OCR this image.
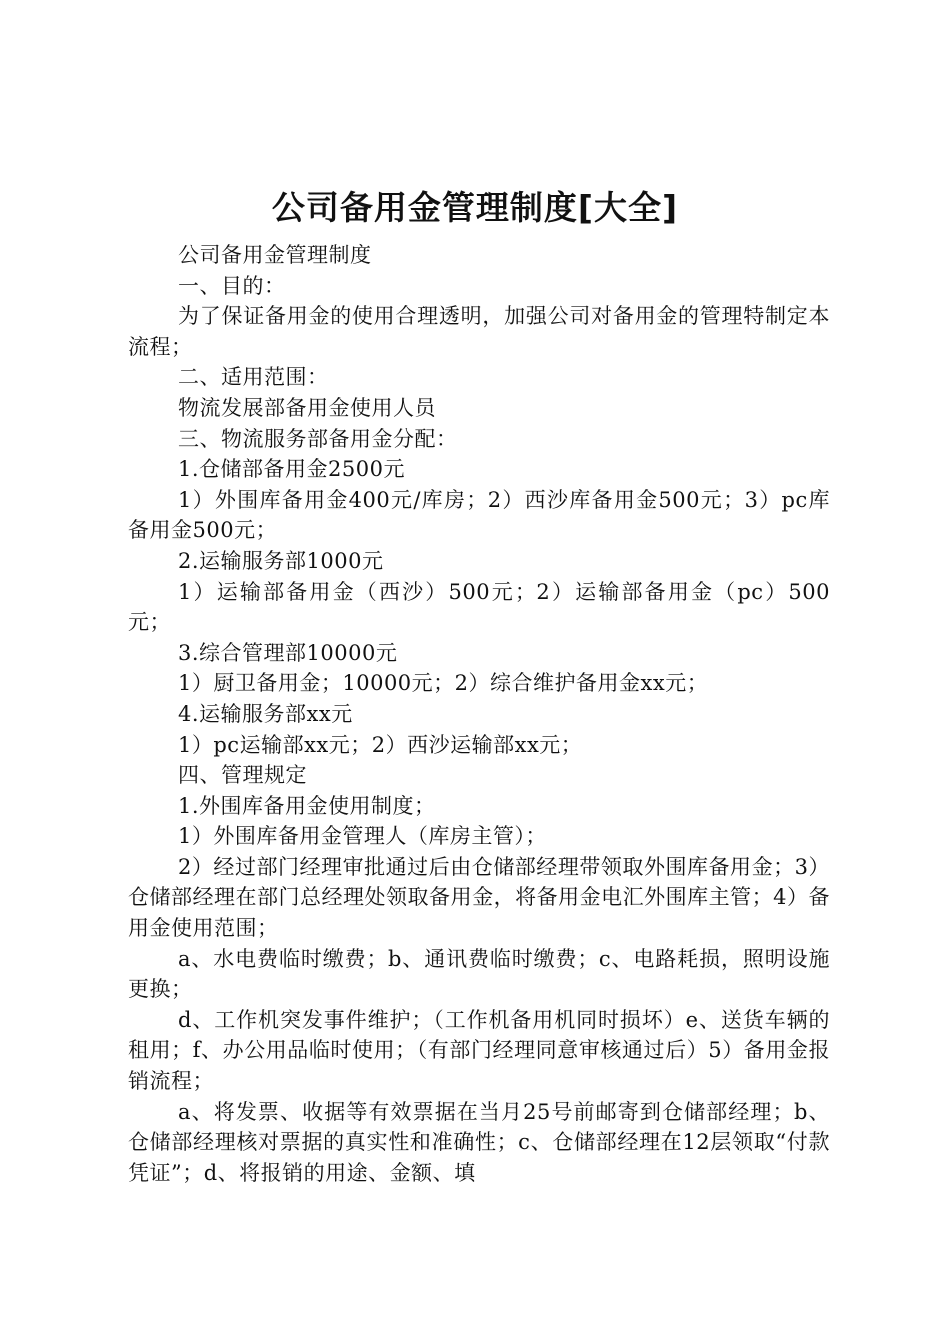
公司备用金管理制度[大全]

公司备用金管理制度

一、目的：

为了保证备用金的使用合理透明，加强公司对备用金的管理特制定本流程；

二、适用范围：

物流发展部备用金使用人员

三、物流服务部备用金分配：

1.仓储部备用金2500元

1）外围库备用金400元/库房；2）西沙库备用金500元；3）pc库备用金500元；

2.运输服务部1000元

1）运输部备用金（西沙）500元；2）运输部备用金（pc）500元；

3.综合管理部10000元

1）厨卫备用金；10000元；2）综合维护备用金xx元；

4.运输服务部xx元

1）pc运输部xx元；2）西沙运输部xx元；

四、管理规定

1.外围库备用金使用制度；

1）外围库备用金管理人（库房主管）；

2）经过部门经理审批通过后由仓储部经理带领取外围库备用金；3）仓储部经理在部门总经理处领取备用金，将备用金电汇外围库主管；4）备用金使用范围；

a、水电费临时缴费；b、通讯费临时缴费；c、电路耗损，照明设施更换；

d、工作机突发事件维护；（工作机备用机同时损坏）e、送货车辆的租用；f、办公用品临时使用；（有部门经理同意审核通过后）5）备用金报销流程；

a、将发票、收据等有效票据在当月25号前邮寄到仓储部经理；b、仓储部经理核对票据的真实性和准确性；c、仓储部经理在12层领取“付款凭证”；d、将报销的用途、金额、填
